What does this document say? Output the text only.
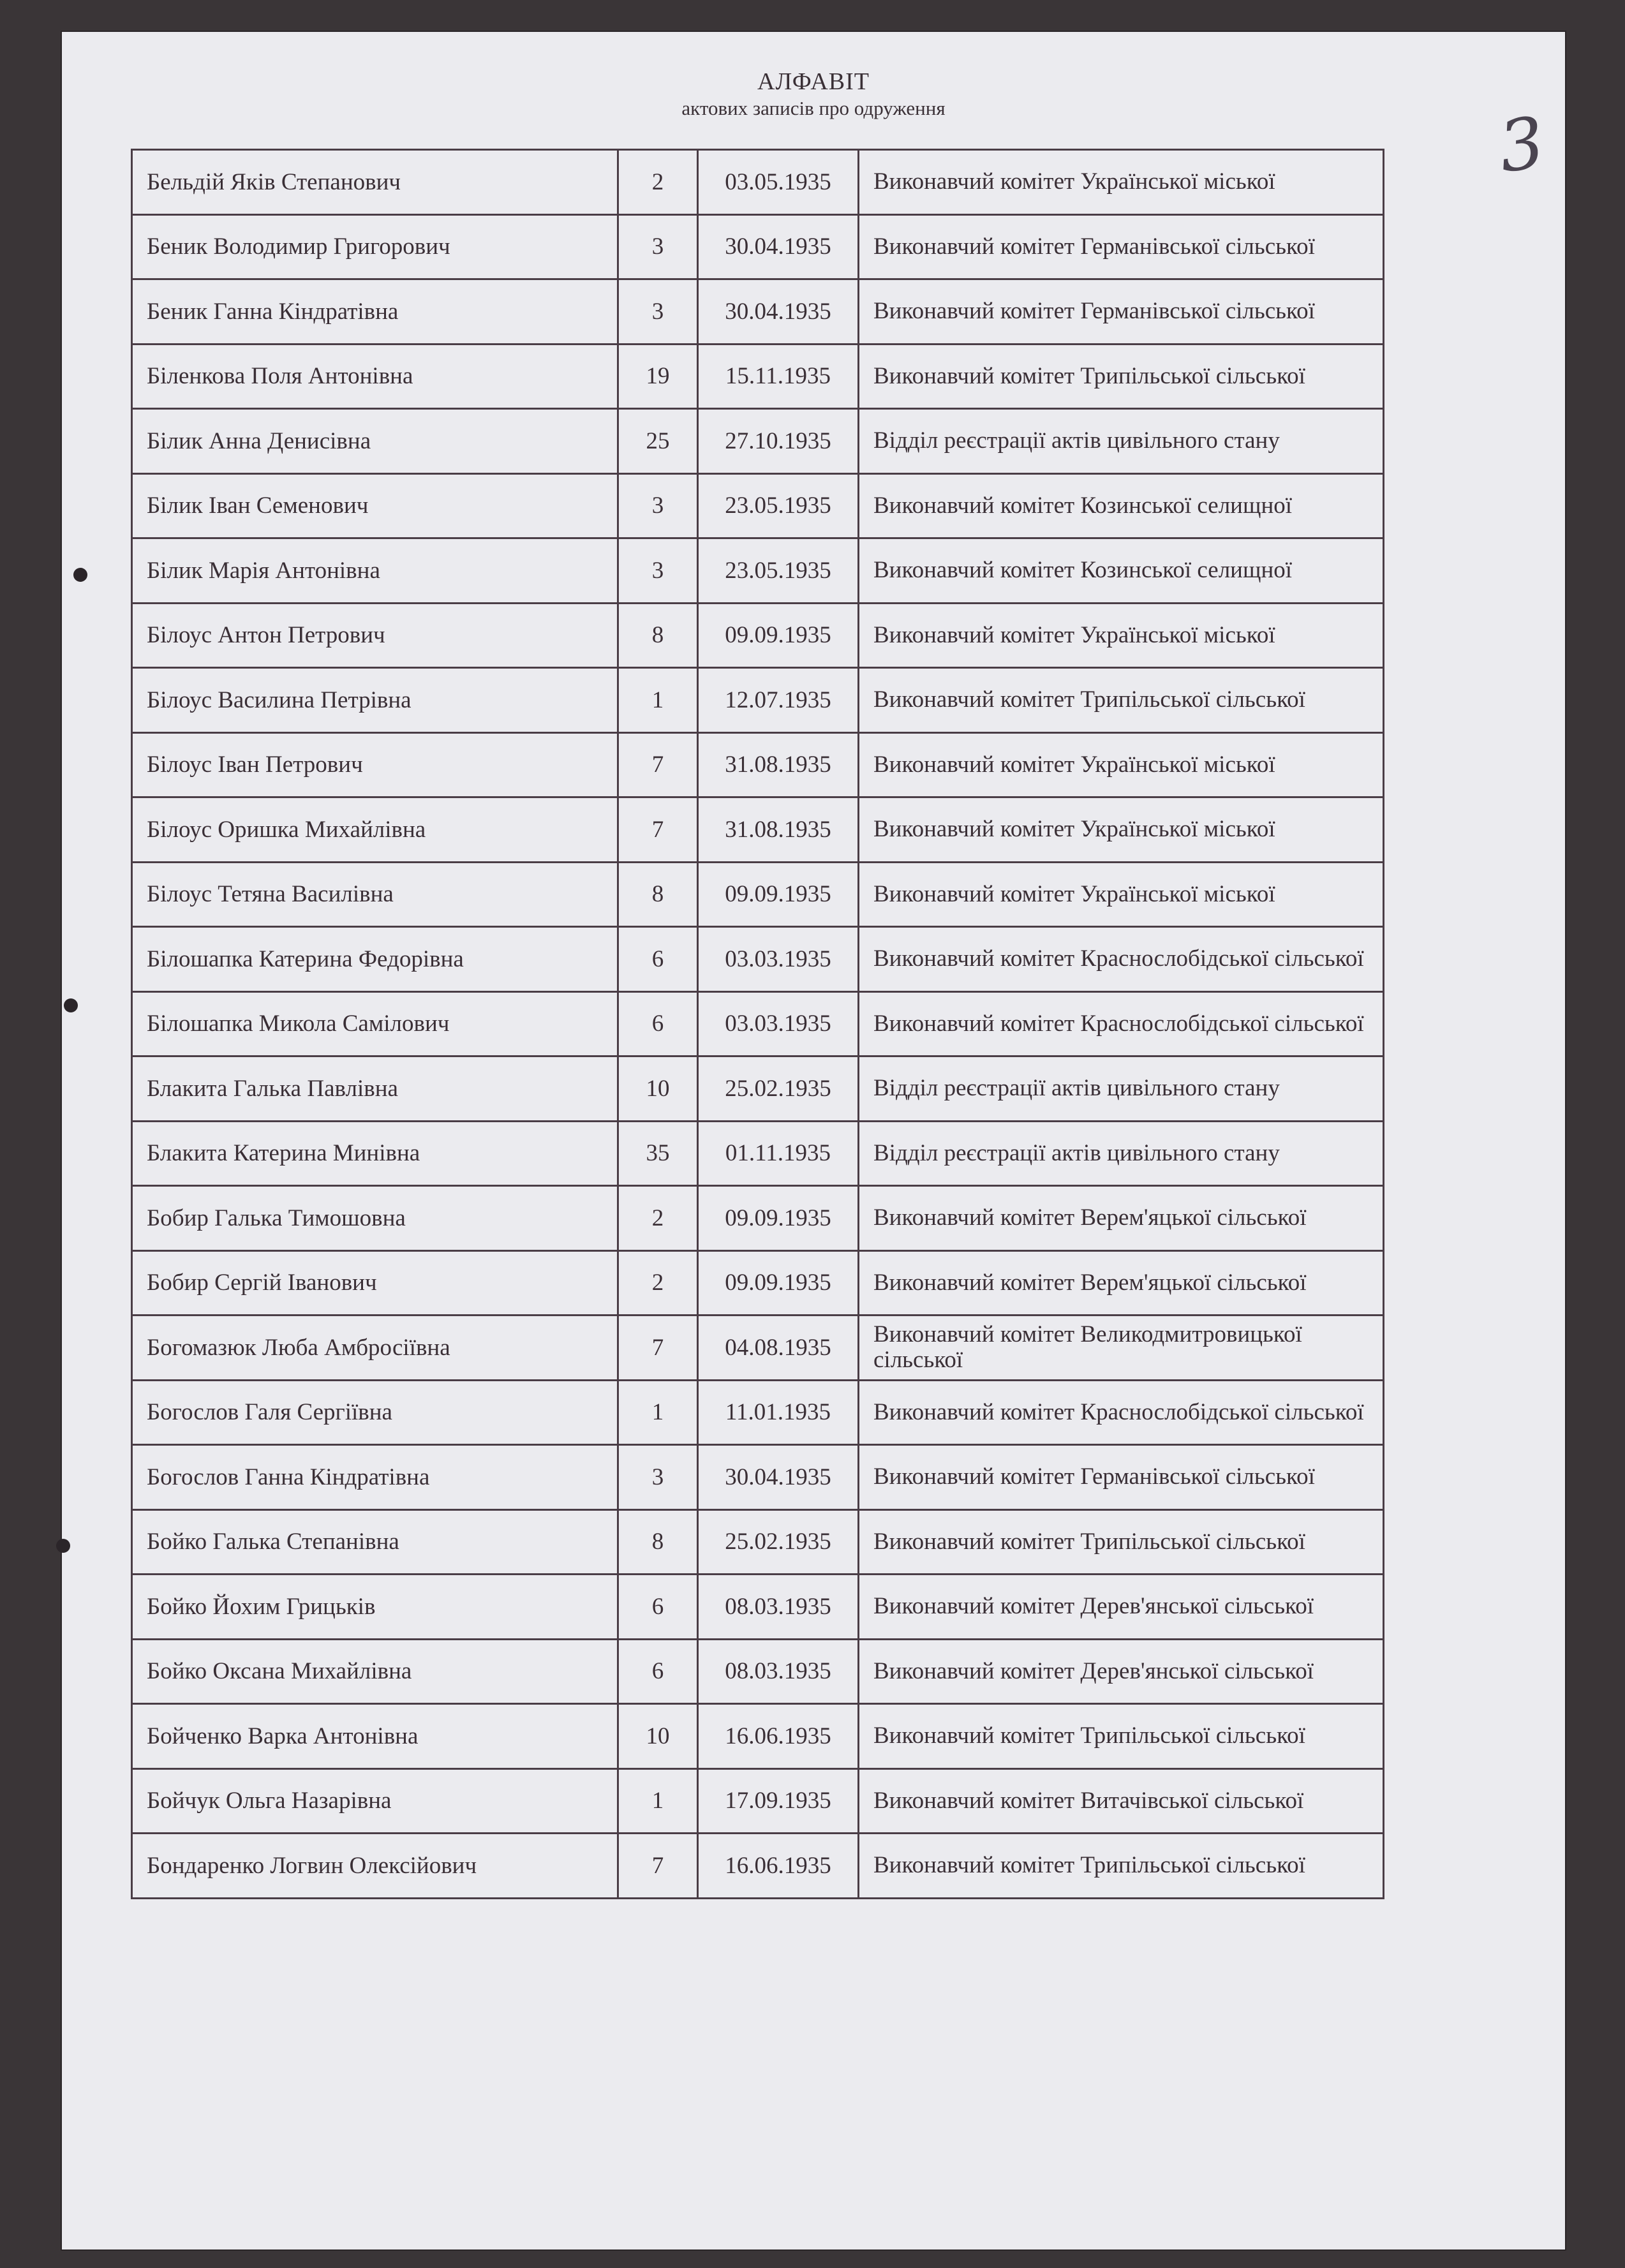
АЛФАВІТ
актових записів про одруження	3
Бельдій Яків Степанович	2	03.05.1935	Виконавчий комітет Української міської
Беник Володимир Григорович	3	30.04.1935	Виконавчий комітет Германівської сільської
Беник Ганна Кіндратівна	3	30.04.1935	Виконавчий комітет Германівської сільської
Біленкова Поля Антонівна	19	15.11.1935	Виконавчий комітет Трипільської сільської
Білик Анна Денисівна	25	27.10.1935	Відділ реєстрації актів цивільного стану
Білик Іван Семенович	3	23.05.1935	Виконавчий комітет Козинської селищної
Білик Марія Антонівна	3	23.05.1935	Виконавчий комітет Козинської селищної
Білоус Антон Петрович	8	09.09.1935	Виконавчий комітет Української міської
Білоус Василина Петрівна	1	12.07.1935	Виконавчий комітет Трипільської сільської
Білоус Іван Петрович	7	31.08.1935	Виконавчий комітет Української міської
Білоус Оришка Михайлівна	7	31.08.1935	Виконавчий комітет Української міської
Білоус Тетяна Василівна	8	09.09.1935	Виконавчий комітет Української міської
Білошапка Катерина Федорівна	6	03.03.1935	Виконавчий комітет Краснослобідської сільської
Білошапка Микола Самілович	6	03.03.1935	Виконавчий комітет Краснослобідської сільської
Блакита Галька Павлівна	10	25.02.1935	Відділ реєстрації актів цивільного стану
Блакита Катерина Минівна	35	01.11.1935	Відділ реєстрації актів цивільного стану
Бобир Галька Тимошовна	2	09.09.1935	Виконавчий комітет Верем'яцької сільської
Бобир Сергій Іванович	2	09.09.1935	Виконавчий комітет Верем'яцької сільської
Богомазюк Люба Амбросіївна	7	04.08.1935	Виконавчий комітет Великодмитровицької сільської
Богослов Галя Сергіївна	1	11.01.1935	Виконавчий комітет Краснослобідської сільської
Богослов Ганна Кіндратівна	3	30.04.1935	Виконавчий комітет Германівської сільської
Бойко Галька Степанівна	8	25.02.1935	Виконавчий комітет Трипільської сільської
Бойко Йохим Грицьків	6	08.03.1935	Виконавчий комітет Дерев'янської сільської
Бойко Оксана Михайлівна	6	08.03.1935	Виконавчий комітет Дерев'янської сільської
Бойченко Варка Антонівна	10	16.06.1935	Виконавчий комітет Трипільської сільської
Бойчук Ольга Назарівна	1	17.09.1935	Виконавчий комітет Витачівської сільської
Бондаренко Логвин Олексійович	7	16.06.1935	Виконавчий комітет Трипільської сільської
